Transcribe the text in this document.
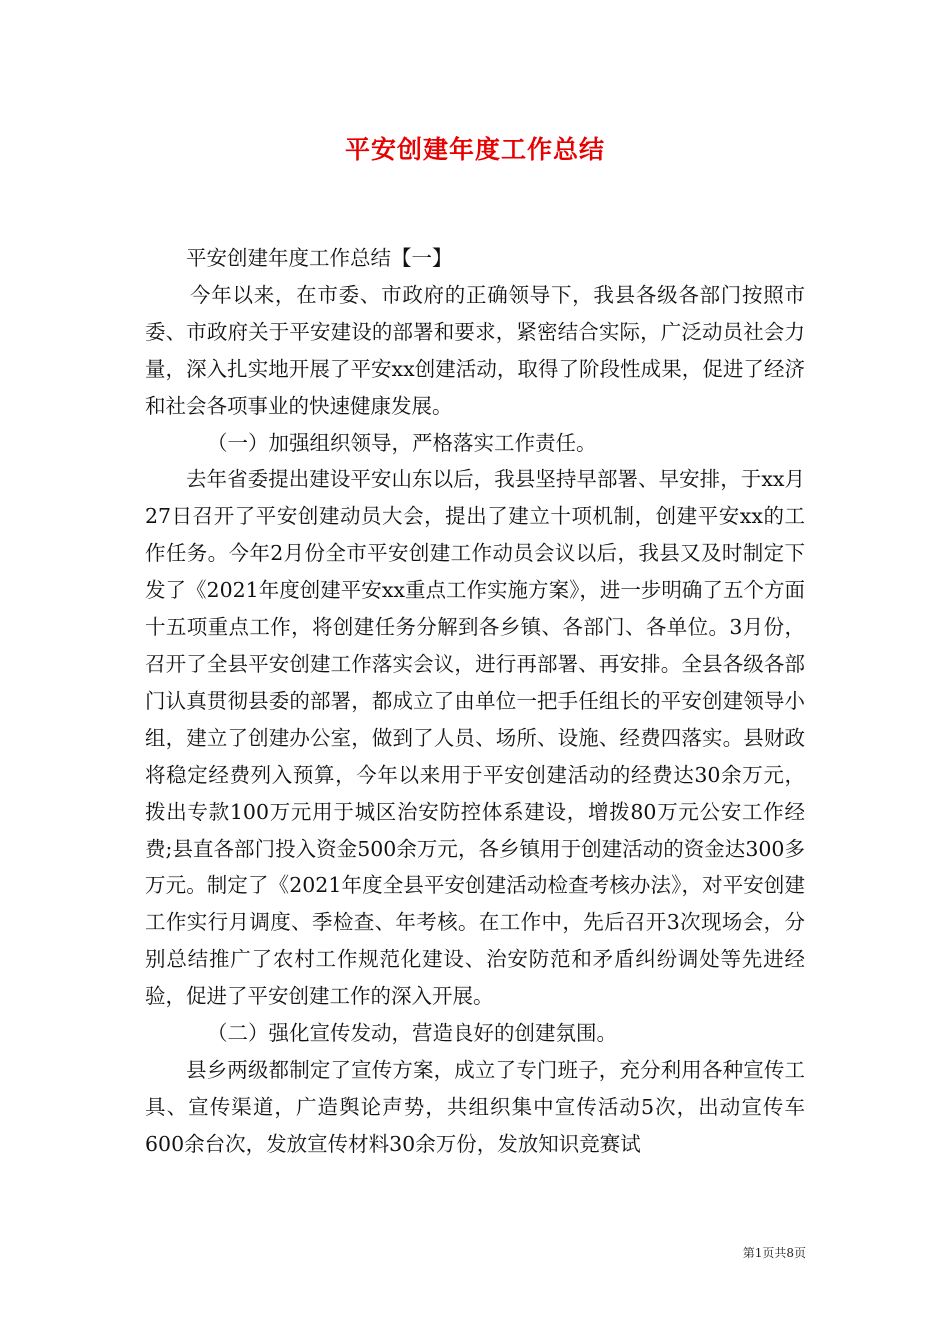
平安创建年度工作总结

平安创建年度工作总结【一】

今年以来，在市委、市政府的正确领导下，我县各级各部门按照市委、市政府关于平安建设的部署和要求，紧密结合实际，广泛动员社会力量，深入扎实地开展了平安xx创建活动，取得了阶段性成果，促进了经济和社会各项事业的快速健康发展。

（一）加强组织领导，严格落实工作责任。

去年省委提出建设平安山东以后，我县坚持早部署、早安排，于xx月27日召开了平安创建动员大会，提出了建立十项机制，创建平安xx的工作任务。今年2月份全市平安创建工作动员会议以后，我县又及时制定下发了《2021年度创建平安xx重点工作实施方案》，进一步明确了五个方面十五项重点工作，将创建任务分解到各乡镇、各部门、各单位。3月份，召开了全县平安创建工作落实会议，进行再部署、再安排。全县各级各部门认真贯彻县委的部署，都成立了由单位一把手任组长的平安创建领导小组，建立了创建办公室，做到了人员、场所、设施、经费四落实。县财政将稳定经费列入预算，今年以来用于平安创建活动的经费达30余万元，拨出专款100万元用于城区治安防控体系建设，增拨80万元公安工作经费;县直各部门投入资金500余万元，各乡镇用于创建活动的资金达300多万元。制定了《2021年度全县平安创建活动检查考核办法》，对平安创建工作实行月调度、季检查、年考核。在工作中，先后召开3次现场会，分别总结推广了农村工作规范化建设、治安防范和矛盾纠纷调处等先进经验，促进了平安创建工作的深入开展。

（二）强化宣传发动，营造良好的创建氛围。

县乡两级都制定了宣传方案，成立了专门班子，充分利用各种宣传工具、宣传渠道，广造舆论声势，共组织集中宣传活动5次，出动宣传车600余台次，发放宣传材料30余万份，发放知识竞赛试

第1页共8页
